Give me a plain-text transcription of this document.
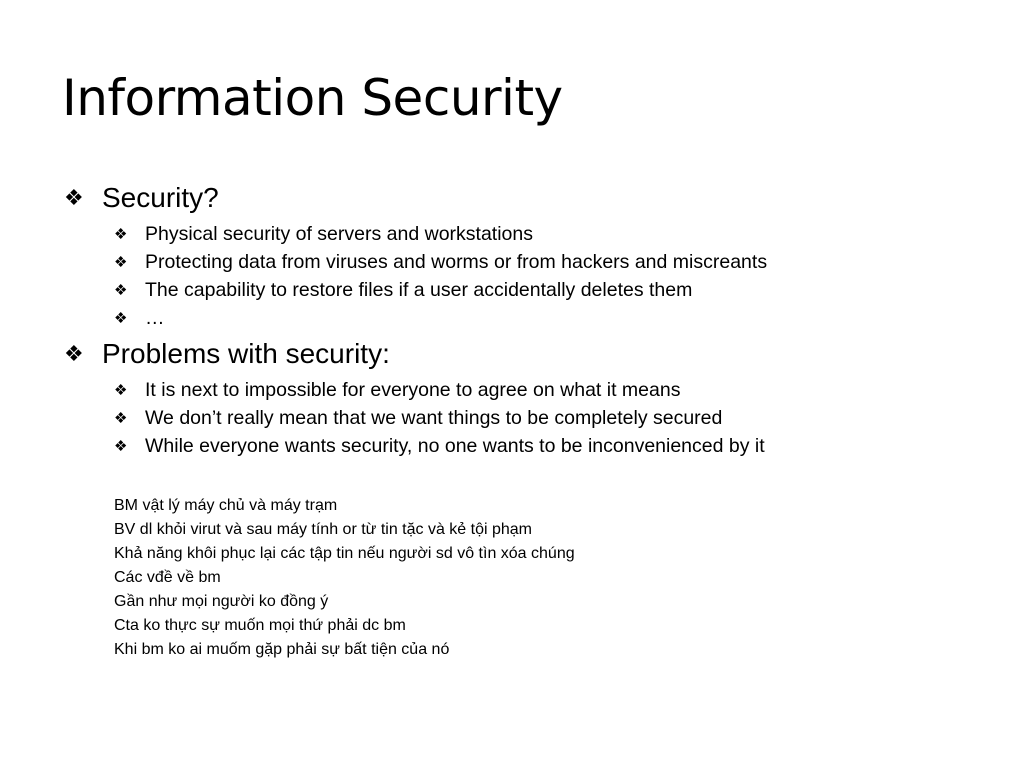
Information Security
❖ Security?
❖ Physical security of servers and workstations
❖ Protecting data from viruses and worms or from hackers and miscreants
❖ The capability to restore files if a user accidentally deletes them
❖ …
❖ Problems with security:
❖ It is next to impossible for everyone to agree on what it means
❖ We don’t really mean that we want things to be completely secured
❖ While everyone wants security, no one wants to be inconvenienced by it
BM vật lý máy chủ và máy trạm
BV dl khỏi virut và sau máy tính or từ tin tặc và kẻ tội phạm
Khả năng khôi phục lại các tập tin nếu người sd vô tìn xóa chúng
Các vđề về bm
Gần như mọi người ko đồng ý
Cta ko thực sự muốn mọi thứ phải dc bm
Khi bm ko ai muốm gặp phải sự bất tiện của nó
